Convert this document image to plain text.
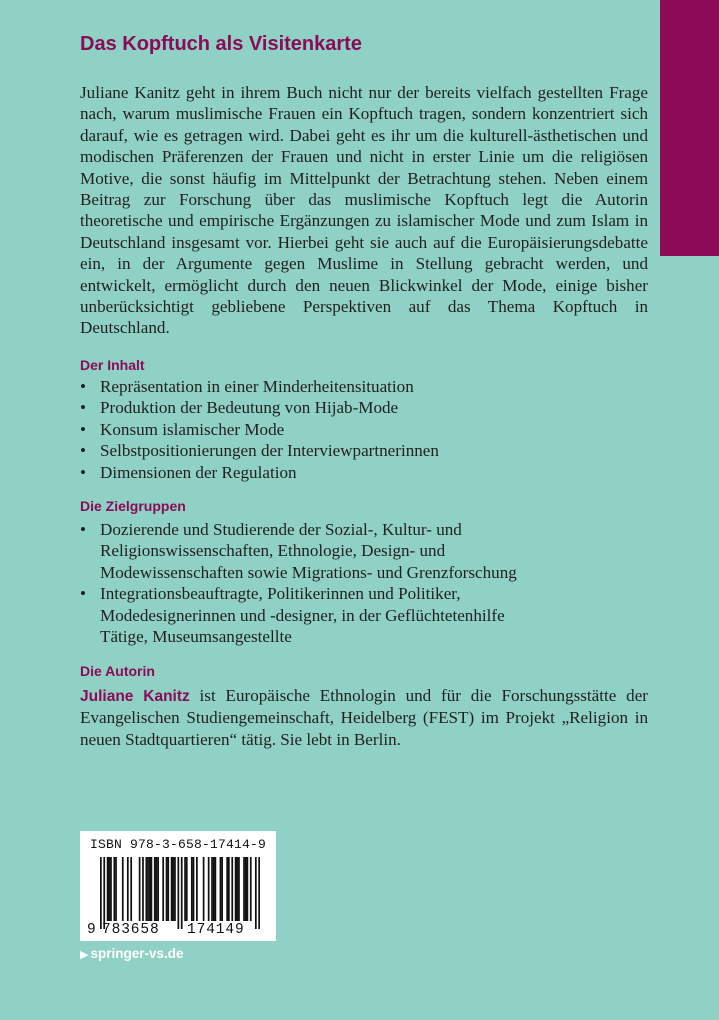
Das Kopftuch als Visitenkarte

Juliane Kanitz geht in ihrem Buch nicht nur der bereits vielfach gestellten Frage nach, warum muslimische Frauen ein Kopftuch tragen, sondern konzentriert sich darauf, wie es getragen wird. Dabei geht es ihr um die kulturell-ästhetischen und modischen Präferenzen der Frauen und nicht in erster Linie um die religiösen Motive, die sonst häufig im Mittelpunkt der Betrachtung stehen. Neben einem Beitrag zur Forschung über das muslimische Kopftuch legt die Autorin theoretische und empirische Ergänzungen zu islamischer Mode und zum Islam in Deutschland insgesamt vor. Hierbei geht sie auch auf die Europäisierungsdebatte ein, in der Argumente gegen Muslime in Stellung gebracht werden, und entwickelt, ermöglicht durch den neuen Blickwinkel der Mode, einige bisher unberücksichtigt gebliebene Perspektiven auf das Thema Kopftuch in Deutschland.

Der Inhalt
• Repräsentation in einer Minderheitensituation
• Produktion der Bedeutung von Hijab-Mode
• Konsum islamischer Mode
• Selbstpositionierungen der Interviewpartnerinnen
• Dimensionen der Regulation
Die Zielgruppen
• Dozierende und Studierende der Sozial-, Kultur- und Religionswissenschaften, Ethnologie, Design- und Modewissenschaften sowie Migrations- und Grenzforschung
• Integrationsbeauftragte, Politikerinnen und Politiker, Modedesignerinnen und -designer, in der Geflüchtetenhilfe Tätige, Museumsangestellte
Die Autorin

Juliane Kanitz ist Europäische Ethnologin und für die Forschungsstätte der Evangelischen Studiengemeinschaft, Heidelberg (FEST) im Projekt „Religion in neuen Stadtquartieren“ tätig. Sie lebt in Berlin.

ISBN 978-3-658-17414-9
9 783658 174149
▶ springer-vs.de
